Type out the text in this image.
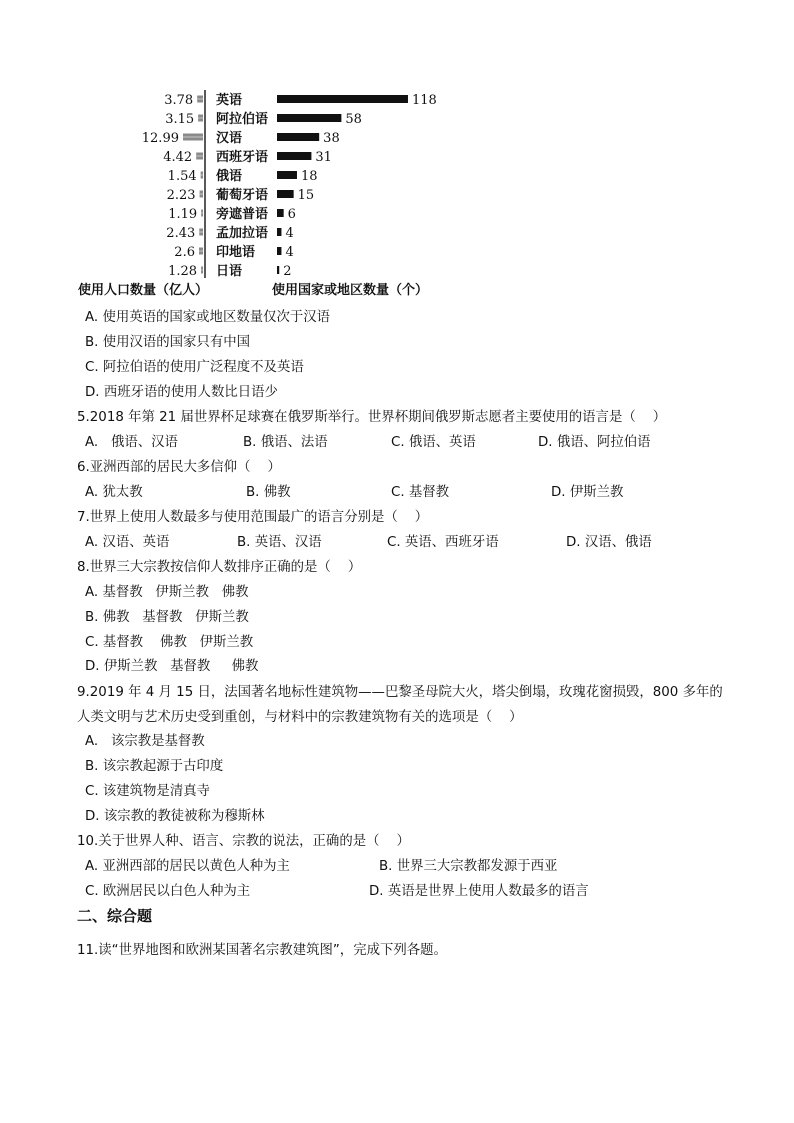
3.78 英语	118
3.15 阿拉伯语	58
12.99	汉语	38
4.42 西班牙语	31
1.54 俄语	18
2.23 葡萄牙语 15
1.19 旁遮普语 6
2.43 孟加拉语 4
2.6 印地语 4
1.28 日语	2
使用人口数量（亿人）	使用国家或地区数量（个）
A. 使用英语的国家或地区数量仅次于汉语
B. 使用汉语的国家只有中国
C. 阿拉伯语的使用广泛程度不及英语
D. 西班牙语的使用人数比日语少
5.2018 年第 21 届世界杯足球赛在俄罗斯举行。世界杯期间俄罗斯志愿者主要使用的语言是（    ）
A.   俄语、汉语	B. 俄语、法语	C. 俄语、英语	D. 俄语、阿拉伯语
6.亚洲西部的居民大多信仰（    ）
A. 犹太教	B. 佛教	C. 基督教	D. 伊斯兰教
7.世界上使用人数最多与使用范围最广的语言分别是（    ）
A. 汉语、英语	B. 英语、汉语	C. 英语、西班牙语	D. 汉语、俄语
8.世界三大宗教按信仰人数排序正确的是（    ）
A. 基督教   伊斯兰教   佛教
B. 佛教   基督教   伊斯兰教
C. 基督教    佛教   伊斯兰教
D. 伊斯兰教   基督教     佛教
9.2019 年 4 月 15 日，法国著名地标性建筑物——巴黎圣母院大火，塔尖倒塌，玫瑰花窗损毁，800 多年的
人类文明与艺术历史受到重创，与材料中的宗教建筑物有关的选项是（    ）
A.   该宗教是基督教
B. 该宗教起源于古印度
C. 该建筑物是清真寺
D. 该宗教的教徒被称为穆斯林
10.关于世界人种、语言、宗教的说法，正确的是（    ）
A. 亚洲西部的居民以黄色人种为主	B. 世界三大宗教都发源于西亚
C. 欧洲居民以白色人种为主	D. 英语是世界上使用人数最多的语言
二、综合题
11.读“世界地图和欧洲某国著名宗教建筑图”，完成下列各题。
